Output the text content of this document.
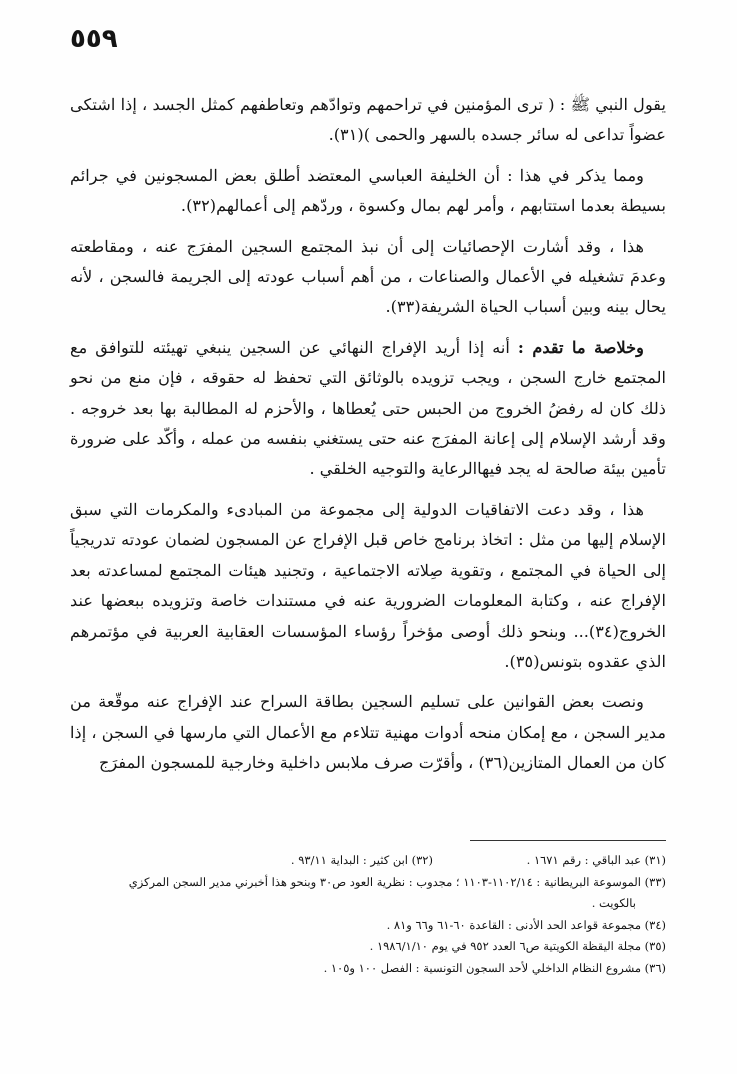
٥٥٩

يقول النبي ﷺ : ( ترى المؤمنين في تراحمهم وتوادّهم وتعاطفهم كمثل الجسد ، إذا اشتكى عضواً تداعى له سائر جسده بالسهر والحمى )(٣١).

ومما يذكر في هذا : أن الخليفة العباسي المعتضد أطلق بعض المسجونين في جرائم بسيطة بعدما استتابهم ، وأمر لهم بمال وكسوة ، وردّهم إلى أعمالهم(٣٢).

هذا ، وقد أشارت الإحصائيات إلى أن نبذ المجتمع السجين المفرَج عنه ، ومقاطعته وعدمَ تشغيله في الأعمال والصناعات ، من أهم أسباب عودته إلى الجريمة فالسجن ، لأنه يحال بينه وبين أسباب الحياة الشريفة(٣٣).

وخلاصة ما تقدم : أنه إذا أريد الإفراج النهائي عن السجين ينبغي تهيئته للتوافق مع المجتمع خارج السجن ، ويجب تزويده بالوثائق التي تحفظ له حقوقه ، فإن منع من نحو ذلك كان له رفضُ الخروج من الحبس حتى يُعطاها ، والأحزم له المطالبة بها بعد خروجه . وقد أرشد الإسلام إلى إعانة المفرَج عنه حتى يستغني بنفسه من عمله ، وأكّد على ضرورة تأمين بيئة صالحة له يجد فيهاالرعاية والتوجيه الخلقي .

هذا ، وقد دعت الاتفاقيات الدولية إلى مجموعة من المبادىء والمكرمات التي سبق الإسلام إليها من مثل : اتخاذ برنامج خاص قبل الإفراج عن المسجون لضمان عودته تدريجياً إلى الحياة في المجتمع ، وتقوية صِلاته الاجتماعية ، وتجنيد هيئات المجتمع لمساعدته بعد الإفراج عنه ، وكتابة المعلومات الضرورية عنه في مستندات خاصة وتزويده ببعضها عند الخروج(٣٤)... وبنحو ذلك أوصى مؤخراً رؤساء المؤسسات العقابية العربية في مؤتمرهم الذي عقدوه بتونس(٣٥).

ونصت بعض القوانين على تسليم السجين بطاقة السراح عند الإفراج عنه موقّعة من مدير السجن ، مع إمكان منحه أدوات مهنية تتلاءم مع الأعمال التي مارسها في السجن ، إذا كان من العمال المتازين(٣٦) ، وأقرّت صرف ملابس داخلية وخارجية للمسجون المفرَج

(٣١) عبد الباقي : رقم ١٦٧١ . (٣٢) ابن كثير : البداية ٩٣/١١ .

(٣٣) الموسوعة البريطانية : ١١٠٢/١٤-١١٠٣ ؛ مجدوب : نظرية العود ص٣٠ وبنحو هذا أخبرني مدير السجن المركزي

بالكويت .

(٣٤) مجموعة قواعد الحد الأدنى : القاعدة ٦٠-٦١ و٦٦ و٨١ .

(٣٥) مجلة اليقظة الكويتية ص٦ العدد ٩٥٢ في يوم ١٩٨٦/١/١٠ .

(٣٦) مشروع النظام الداخلي لأحد السجون التونسية : الفصل ١٠٠ و١٠٥ .
